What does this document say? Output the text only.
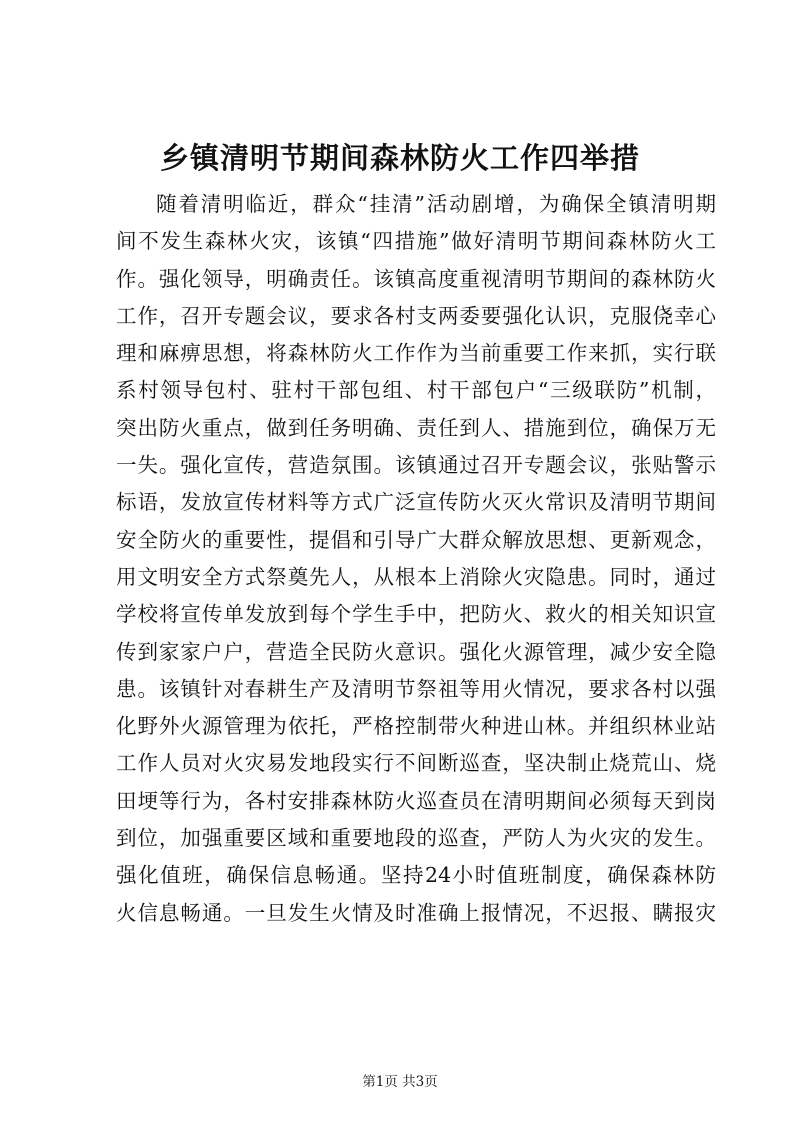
乡镇清明节期间森林防火工作四举措
随着清明临近，群众“挂清”活动剧增，为确保全镇清明期
间不发生森林火灾，该镇“四措施”做好清明节期间森林防火工
作。强化领导，明确责任。该镇高度重视清明节期间的森林防火
工作，召开专题会议，要求各村支两委要强化认识，克服侥幸心
理和麻痹思想，将森林防火工作作为当前重要工作来抓，实行联
系村领导包村、驻村干部包组、村干部包户“三级联防”机制，
突出防火重点，做到任务明确、责任到人、措施到位，确保万无
一失。强化宣传，营造氛围。该镇通过召开专题会议，张贴警示
标语，发放宣传材料等方式广泛宣传防火灭火常识及清明节期间
安全防火的重要性，提倡和引导广大群众解放思想、更新观念，
用文明安全方式祭奠先人，从根本上消除火灾隐患。同时，通过
学校将宣传单发放到每个学生手中，把防火、救火的相关知识宣
传到家家户户，营造全民防火意识。强化火源管理，减少安全隐
患。该镇针对春耕生产及清明节祭祖等用火情况，要求各村以强
化野外火源管理为依托，严格控制带火种进山林。并组织林业站
工作人员对火灾易发地段实行不间断巡查，坚决制止烧荒山、烧
田埂等行为，各村安排森林防火巡查员在清明期间必须每天到岗
到位，加强重要区域和重要地段的巡查，严防人为火灾的发生。
强化值班，确保信息畅通。坚持24小时值班制度，确保森林防
火信息畅通。一旦发生火情及时准确上报情况，不迟报、瞒报灾
第1页 共3页
